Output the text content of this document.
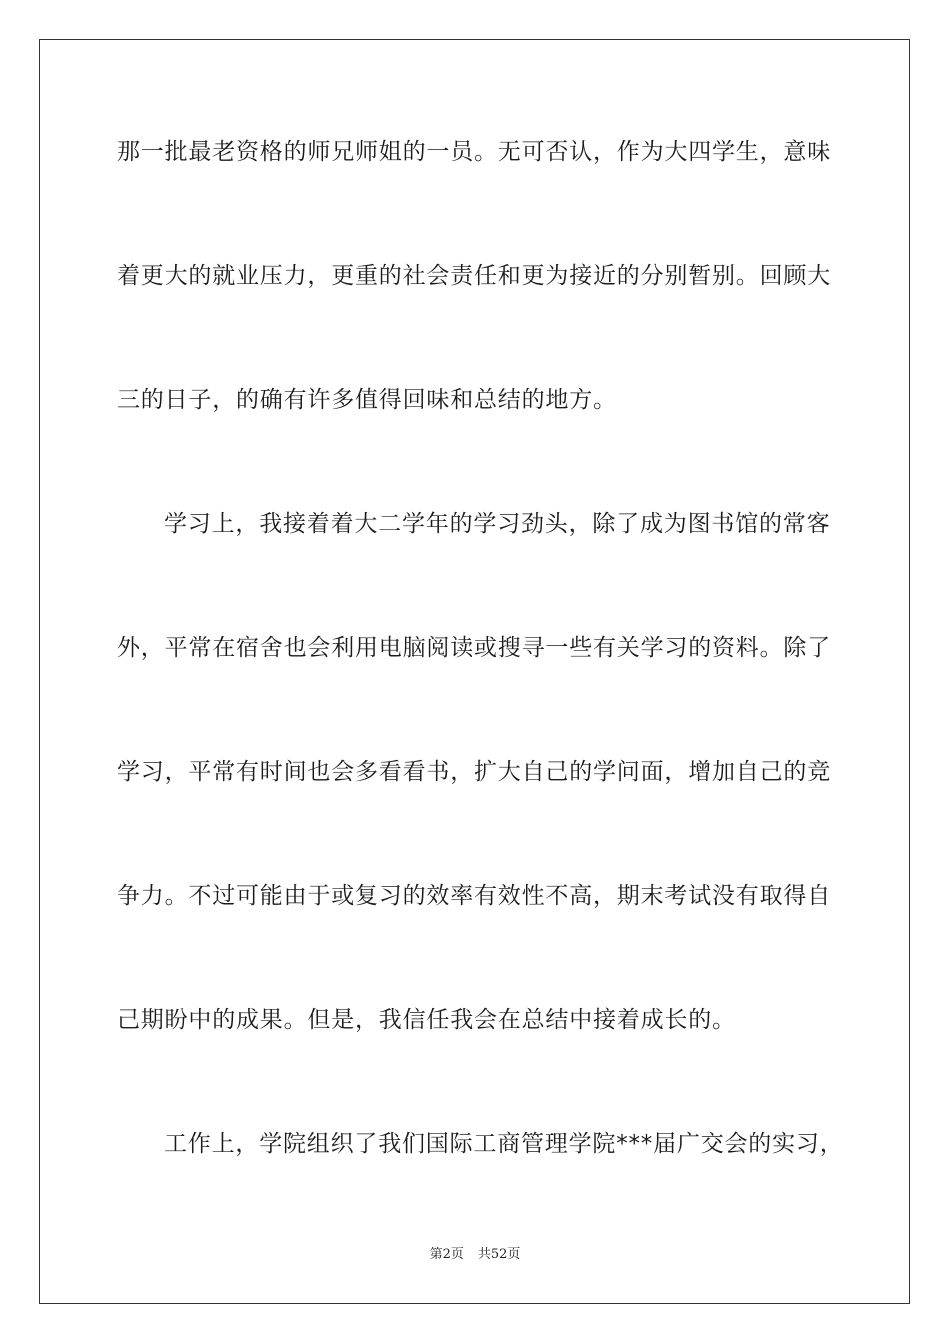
那一批最老资格的师兄师姐的一员。无可否认，作为大四学生，意味
着更大的就业压力，更重的社会责任和更为接近的分别暂别。回顾大
三的日子，的确有许多值得回味和总结的地方。
学习上，我接着着大二学年的学习劲头，除了成为图书馆的常客
外，平常在宿舍也会利用电脑阅读或搜寻一些有关学习的资料。除了
学习，平常有时间也会多看看书，扩大自己的学问面，增加自己的竞
争力。不过可能由于或复习的效率有效性不高，期末考试没有取得自
己期盼中的成果。但是，我信任我会在总结中接着成长的。
工作上，学院组织了我们国际工商管理学院***届广交会的实习，
第2页 共52页
